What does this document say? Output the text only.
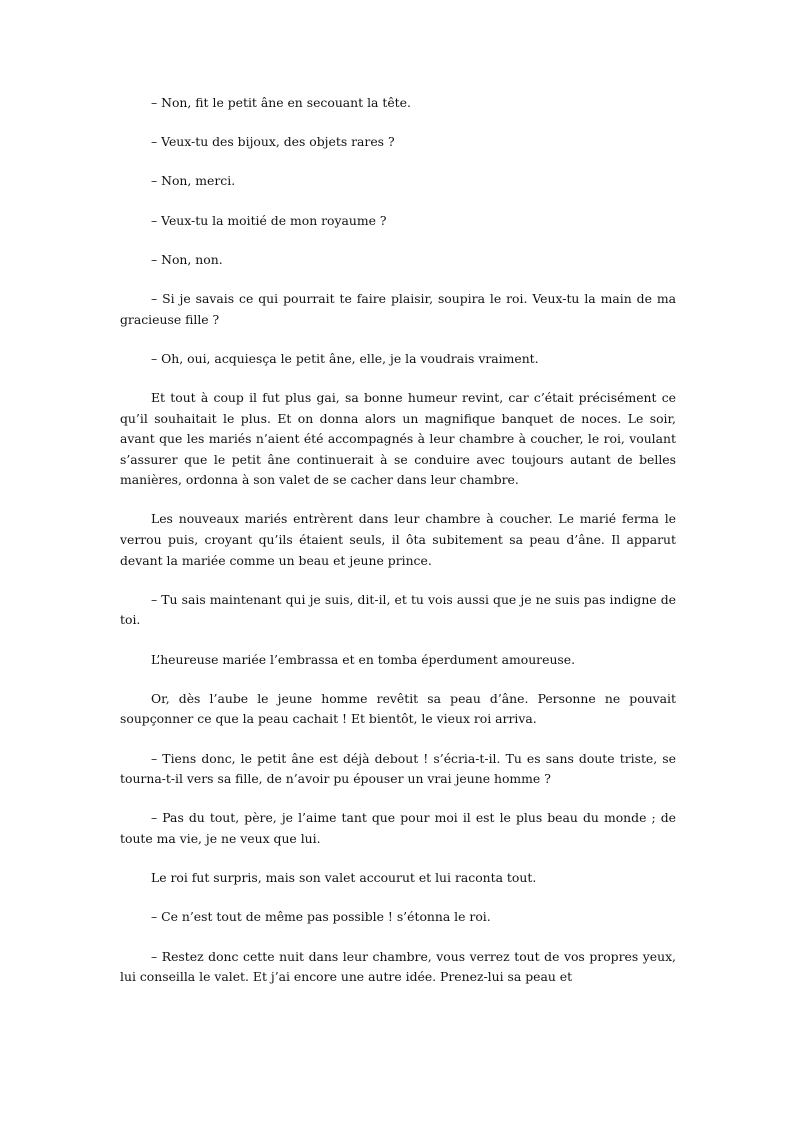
– Non, fit le petit âne en secouant la tête.

– Veux-tu des bijoux, des objets rares ?

– Non, merci.

– Veux-tu la moitié de mon royaume ?

– Non, non.

– Si je savais ce qui pourrait te faire plaisir, soupira le roi. Veux-tu la main de ma gracieuse fille ?

– Oh, oui, acquiesça le petit âne, elle, je la voudrais vraiment.

Et tout à coup il fut plus gai, sa bonne humeur revint, car c’était précisément ce qu’il souhaitait le plus. Et on donna alors un magnifique banquet de noces. Le soir, avant que les mariés n’aient été accompagnés à leur chambre à coucher, le roi, voulant s’assurer que le petit âne continuerait à se conduire avec toujours autant de belles manières, ordonna à son valet de se cacher dans leur chambre.

Les nouveaux mariés entrèrent dans leur chambre à coucher. Le marié ferma le verrou puis, croyant qu’ils étaient seuls, il ôta subitement sa peau d’âne. Il apparut devant la mariée comme un beau et jeune prince.

– Tu sais maintenant qui je suis, dit-il, et tu vois aussi que je ne suis pas indigne de toi.

L’heureuse mariée l’embrassa et en tomba éperdument amoureuse.

Or, dès l’aube le jeune homme revêtit sa peau d’âne. Personne ne pouvait soupçonner ce que la peau cachait ! Et bientôt, le vieux roi arriva.

– Tiens donc, le petit âne est déjà debout ! s’écria-t-il. Tu es sans doute triste, se tourna-t-il vers sa fille, de n’avoir pu épouser un vrai jeune homme ?

– Pas du tout, père, je l’aime tant que pour moi il est le plus beau du monde ; de toute ma vie, je ne veux que lui.

Le roi fut surpris, mais son valet accourut et lui raconta tout.

– Ce n’est tout de même pas possible ! s’étonna le roi.

– Restez donc cette nuit dans leur chambre, vous verrez tout de vos propres yeux, lui conseilla le valet. Et j’ai encore une autre idée. Prenez-lui sa peau et
